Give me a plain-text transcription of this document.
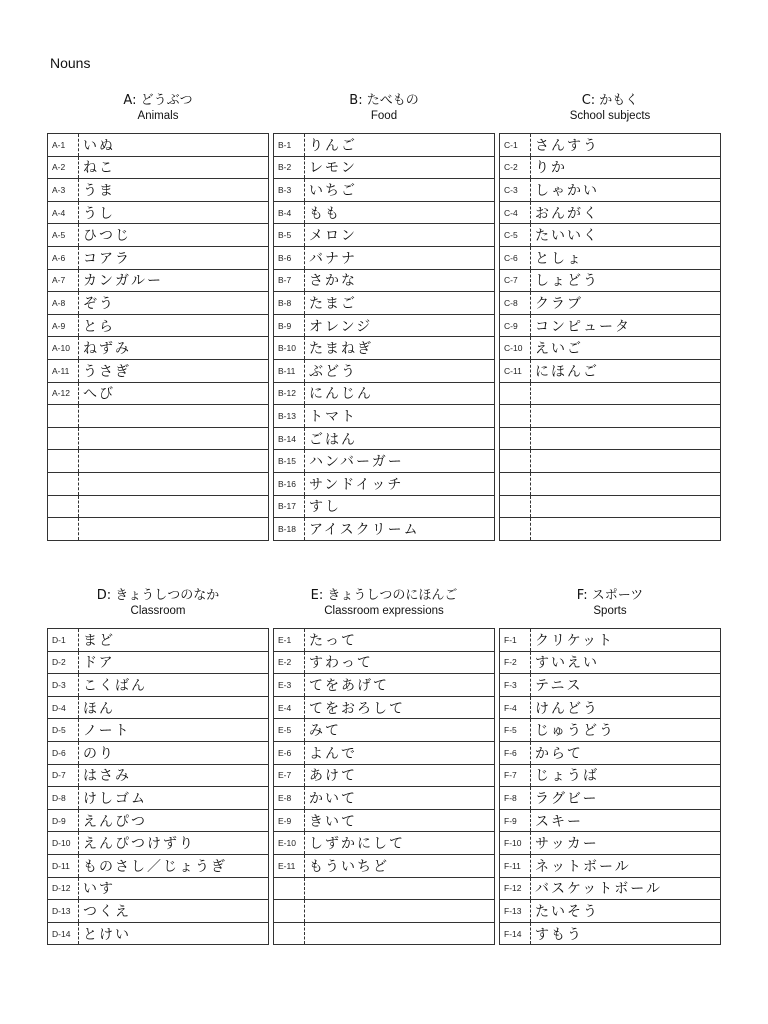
Nouns
A: どうぶつ
Animals
A-1	いぬ
A-2	ねこ
A-3	うま
A-4	うし
A-5	ひつじ
A-6	コアラ
A-7	カンガルー
A-8	ぞう
A-9	とら
A-10	ねずみ
A-11	うさぎ
A-12	へび

B: たべもの
Food
B-1	りんご
B-2	レモン
B-3	いちご
B-4	もも
B-5	メロン
B-6	バナナ
B-7	さかな
B-8	たまご
B-9	オレンジ
B-10	たまねぎ
B-11	ぶどう
B-12	にんじん
B-13	トマト
B-14	ごはん
B-15	ハンバーガー
B-16	サンドイッチ
B-17	すし
B-18	アイスクリーム
C: かもく
School subjects
C-1	さんすう
C-2	りか
C-3	しゃかい
C-4	おんがく
C-5	たいいく
C-6	としょ
C-7	しょどう
C-8	クラブ
C-9	コンピュータ
C-10	えいご
C-11	にほんご

D: きょうしつのなか
Classroom
D-1	まど
D-2	ドア
D-3	こくばん
D-4	ほん
D-5	ノート
D-6	のり
D-7	はさみ
D-8	けしゴム
D-9	えんぴつ
D-10	えんぴつけずり
D-11	ものさし／じょうぎ
D-12	いす
D-13	つくえ
D-14	とけい
E: きょうしつのにほんご
Classroom expressions
E-1	たって
E-2	すわって
E-3	てをあげて
E-4	てをおろして
E-5	みて
E-6	よんで
E-7	あけて
E-8	かいて
E-9	きいて
E-10	しずかにして
E-11	もういちど

F: スポーツ
Sports
F-1	クリケット
F-2	すいえい
F-3	テニス
F-4	けんどう
F-5	じゅうどう
F-6	からて
F-7	じょうば
F-8	ラグビー
F-9	スキー
F-10	サッカー
F-11	ネットボール
F-12	バスケットボール
F-13	たいそう
F-14	すもう
